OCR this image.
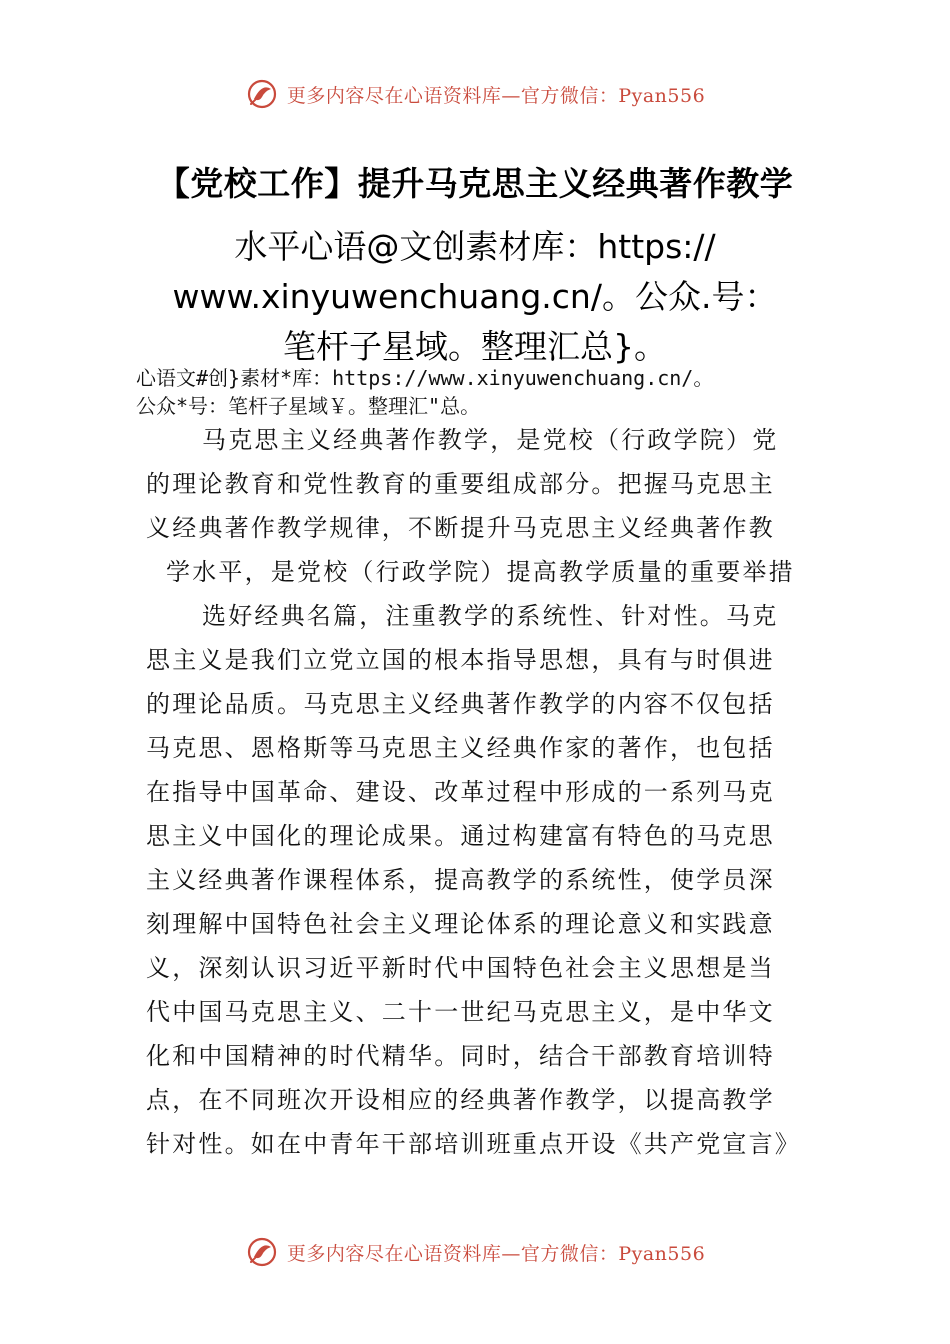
更多内容尽在心语资料库—官方微信：Pyan556
【党校工作】提升马克思主义经典著作教学
水平心语@文创素材库：https://
www.xinyuwenchuang.cn/。公众.号：
笔杆子星域。整理汇总}。
心语文#创}素材*库：https://www.xinyuwenchuang.cn/。
公众*号：笔杆子星域￥。整理汇"总。
马克思主义经典著作教学，是党校（行政学院）党
的理论教育和党性教育的重要组成部分。把握马克思主
义经典著作教学规律，不断提升马克思主义经典著作教
学水平，是党校（行政学院）提高教学质量的重要举措
选好经典名篇，注重教学的系统性、针对性。马克
思主义是我们立党立国的根本指导思想，具有与时俱进
的理论品质。马克思主义经典著作教学的内容不仅包括
马克思、恩格斯等马克思主义经典作家的著作，也包括
在指导中国革命、建设、改革过程中形成的一系列马克
思主义中国化的理论成果。通过构建富有特色的马克思
主义经典著作课程体系，提高教学的系统性，使学员深
刻理解中国特色社会主义理论体系的理论意义和实践意
义，深刻认识习近平新时代中国特色社会主义思想是当
代中国马克思主义、二十一世纪马克思主义，是中华文
化和中国精神的时代精华。同时，结合干部教育培训特
点，在不同班次开设相应的经典著作教学，以提高教学
针对性。如在中青年干部培训班重点开设《共产党宣言》
更多内容尽在心语资料库—官方微信：Pyan556
